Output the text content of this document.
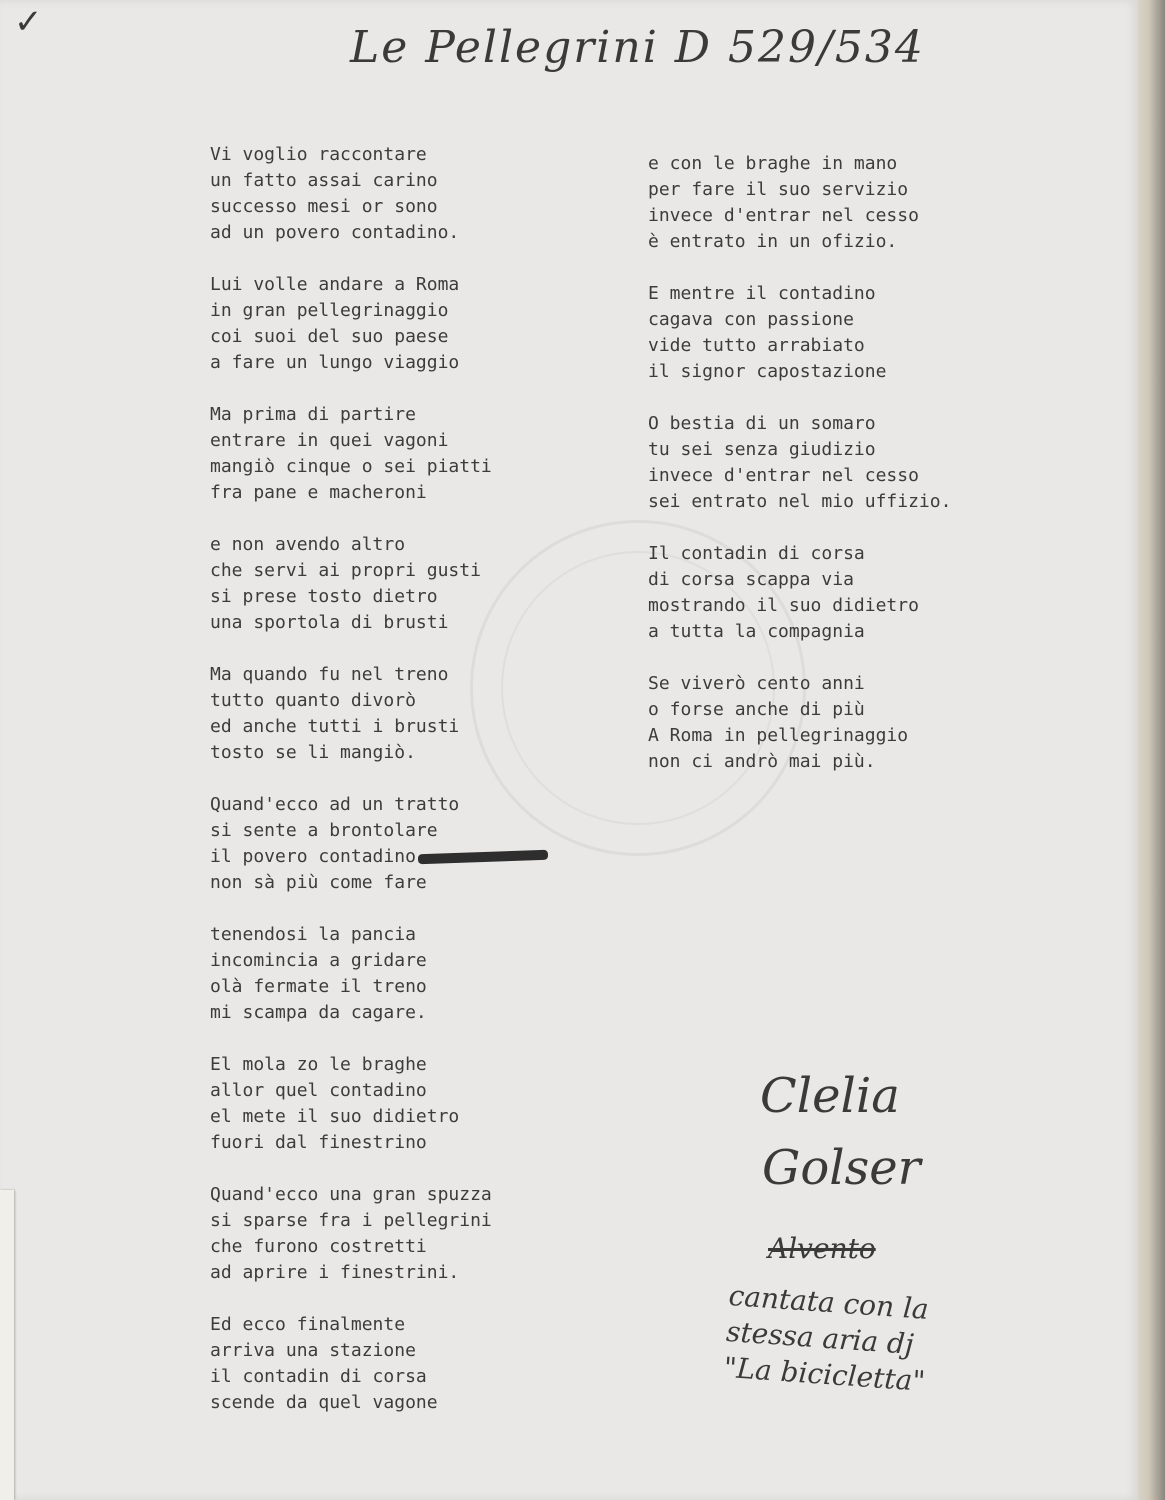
✓	Le Pellegrini D 529/534
Vi voglio raccontare
un fatto assai carino
successo mesi or sono
ad un povero contadino.
Lui volle andare a Roma
in gran pellegrinaggio
coi suoi del suo paese
a fare un lungo viaggio
Ma prima di partire
entrare in quei vagoni
mangiò cinque o sei piatti
fra pane e macheroni
e non avendo altro
che servi ai propri gusti
si prese tosto dietro
una sportola di brusti
Ma quando fu nel treno
tutto quanto divorò
ed anche tutti i brusti
tosto se li mangiò.
Quand'ecco ad un tratto
si sente a brontolare
il povero contadino
non sà più come fare
tenendosi la pancia
incomincia a gridare
olà fermate il treno
mi scampa da cagare.
El mola zo le braghe
allor quel contadino
el mete il suo didietro
fuori dal finestrino
Quand'ecco una gran spuzza
si sparse fra i pellegrini
che furono costretti
ad aprire i finestrini.
Ed ecco finalmente
arriva una stazione
il contadin di corsa
scende da quel vagone
e con le braghe in mano
per fare il suo servizio
invece d'entrar nel cesso
è entrato in un ofizio.
E mentre il contadino
cagava con passione
vide tutto arrabiato
il signor capostazione
O bestia di un somaro
tu sei senza giudizio
invece d'entrar nel cesso
sei entrato nel mio uffizio.
Il contadin di corsa
di corsa scappa via
mostrando il suo didietro
a tutta la compagnia
Se viverò cento anni
o forse anche di più
A Roma in pellegrinaggio
non ci andrò mai più.
Clelia
Golser
Alvento
cantata con la
stessa aria dj
"La bicicletta"
